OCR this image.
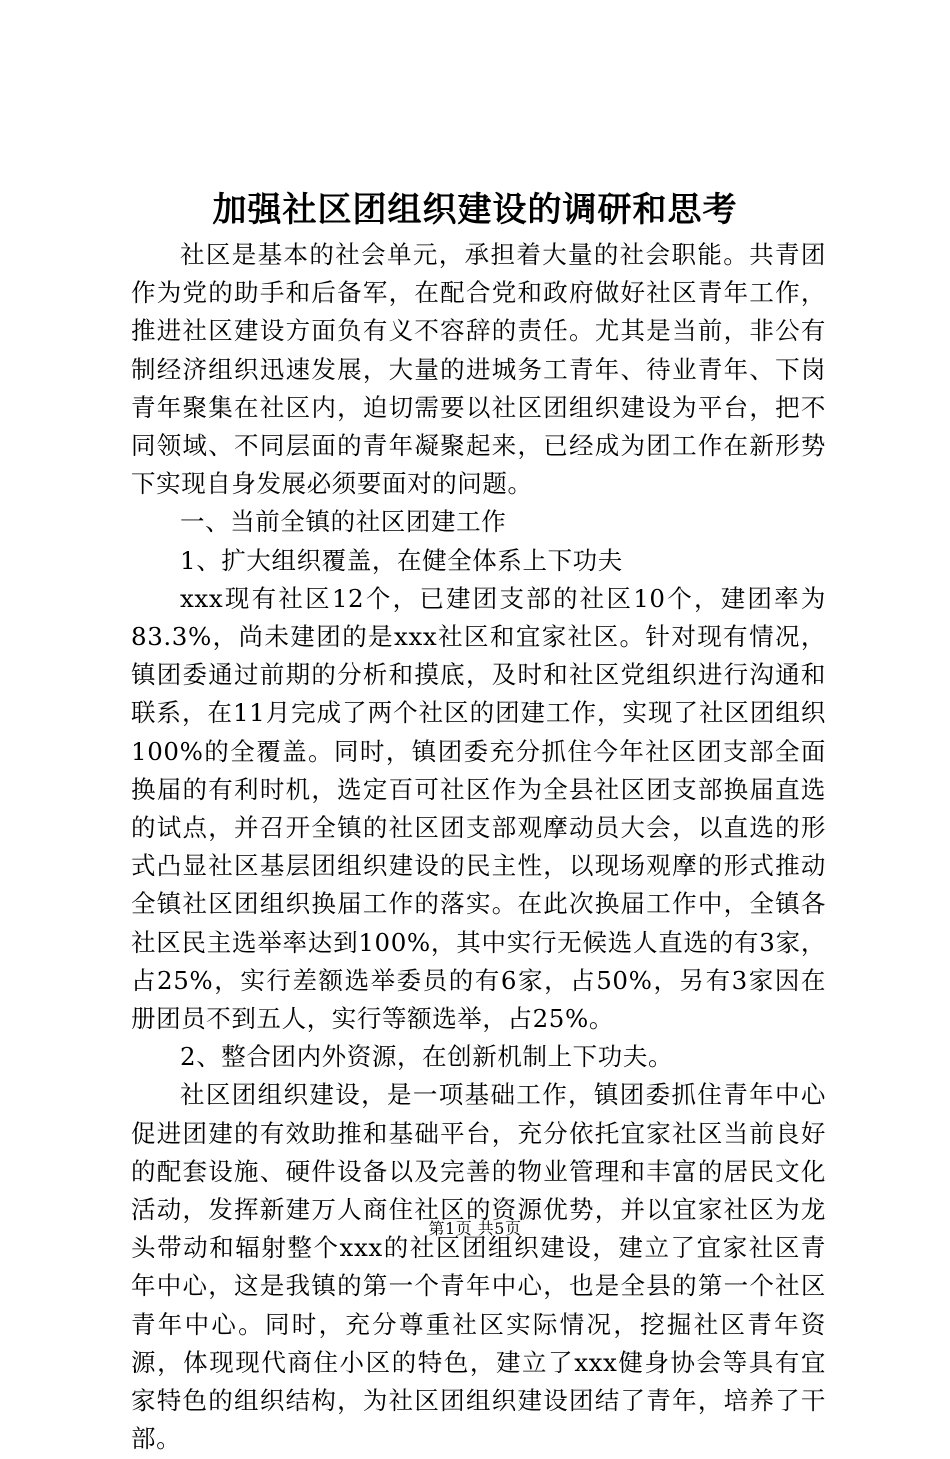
加强社区团组织建设的调研和思考

社区是基本的社会单元，承担着大量的社会职能。共青团作为党的助手和后备军，在配合党和政府做好社区青年工作，推进社区建设方面负有义不容辞的责任。尤其是当前，非公有制经济组织迅速发展，大量的进城务工青年、待业青年、下岗青年聚集在社区内，迫切需要以社区团组织建设为平台，把不同领域、不同层面的青年凝聚起来，已经成为团工作在新形势下实现自身发展必须要面对的问题。

一、当前全镇的社区团建工作

1、扩大组织覆盖，在健全体系上下功夫

xxx现有社区12个，已建团支部的社区10个，建团率为83.3%，尚未建团的是xxx社区和宜家社区。针对现有情况，镇团委通过前期的分析和摸底，及时和社区党组织进行沟通和联系，在11月完成了两个社区的团建工作，实现了社区团组织100%的全覆盖。同时，镇团委充分抓住今年社区团支部全面换届的有利时机，选定百可社区作为全县社区团支部换届直选的试点，并召开全镇的社区团支部观摩动员大会，以直选的形式凸显社区基层团组织建设的民主性，以现场观摩的形式推动全镇社区团组织换届工作的落实。在此次换届工作中，全镇各社区民主选举率达到100%，其中实行无候选人直选的有3家，占25%，实行差额选举委员的有6家，占50%，另有3家因在册团员不到五人，实行等额选举，占25%。

2、整合团内外资源，在创新机制上下功夫。

社区团组织建设，是一项基础工作，镇团委抓住青年中心促进团建的有效助推和基础平台，充分依托宜家社区当前良好的配套设施、硬件设备以及完善的物业管理和丰富的居民文化活动，发挥新建万人商住社区的资源优势，并以宜家社区为龙头带动和辐射整个xxx的社区团组织建设，建立了宜家社区青年中心，这是我镇的第一个青年中心，也是全县的第一个社区青年中心。同时，充分尊重社区实际情况，挖掘社区青年资源，体现现代商住小区的特色，建立了xxx健身协会等具有宜家特色的组织结构，为社区团组织建设团结了青年，培养了干部。

第1页 共5页
